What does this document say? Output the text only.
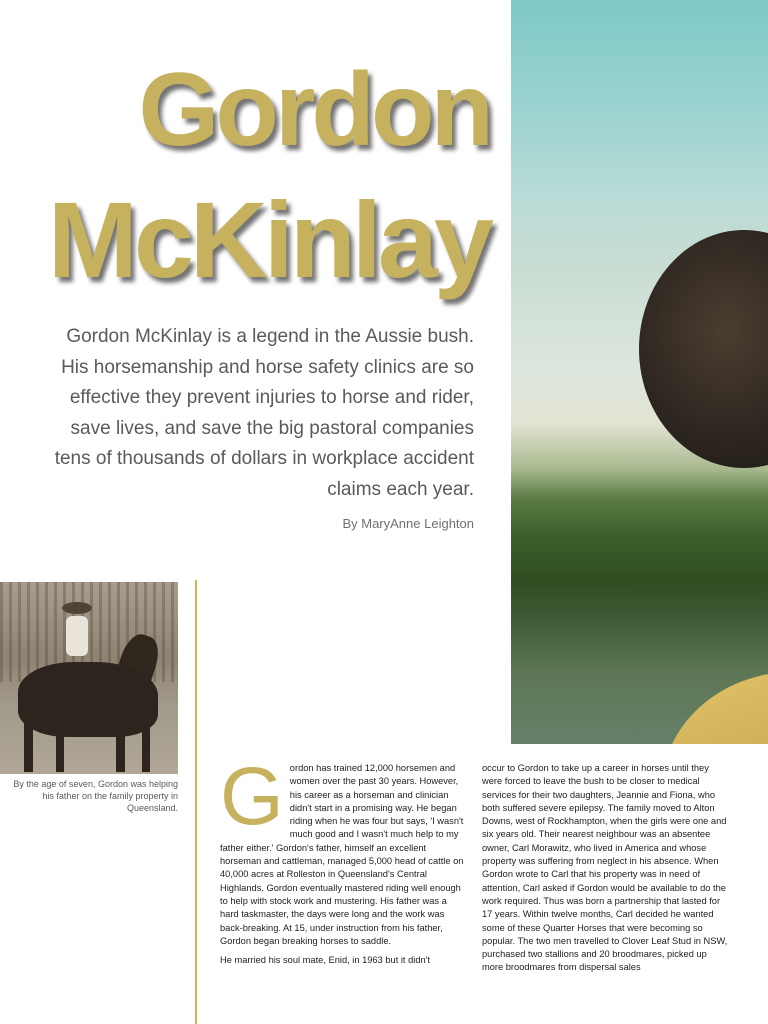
Gordon
McKinlay

Gordon McKinlay is a legend in the Aussie bush. His horsemanship and horse safety clinics are so effective they prevent injuries to horse and rider, save lives, and save the big pastoral companies tens of thousands of dollars in workplace accident claims each year.

By MaryAnne Leighton

By the age of seven, Gordon was helping his father on the family property in Queensland. Gordon has trained 12,000 horsemen and women over the past 30 years. However, his career as a horseman and clinician didn't start in a promising way. He began riding when he was four but says, 'I wasn't much good and I wasn't much help to my father either.' Gordon's father, himself an excellent horseman and cattleman, managed 5,000 head of cattle on 40,000 acres at Rolleston in Queensland's Central Highlands. Gordon eventually mastered riding well enough to help with stock work and mustering. His father was a hard taskmaster, the days were long and the work was back-breaking. At 15, under instruction from his father, Gordon began breaking horses to saddle.

He married his soul mate, Enid, in 1963 but it didn't

occur to Gordon to take up a career in horses until they were forced to leave the bush to be closer to medical services for their two daughters, Jeannie and Fiona, who both suffered severe epilepsy. The family moved to Alton Downs, west of Rockhampton, when the girls were one and six years old. Their nearest neighbour was an absentee owner, Carl Morawitz, who lived in America and whose property was suffering from neglect in his absence. When Gordon wrote to Carl that his property was in need of attention, Carl asked if Gordon would be available to do the work required. Thus was born a partnership that lasted for 17 years. Within twelve months, Carl decided he wanted some of these Quarter Horses that were becoming so popular. The two men travelled to Clover Leaf Stud in NSW, purchased two stallions and 20 broodmares, picked up more broodmares from dispersal sales
